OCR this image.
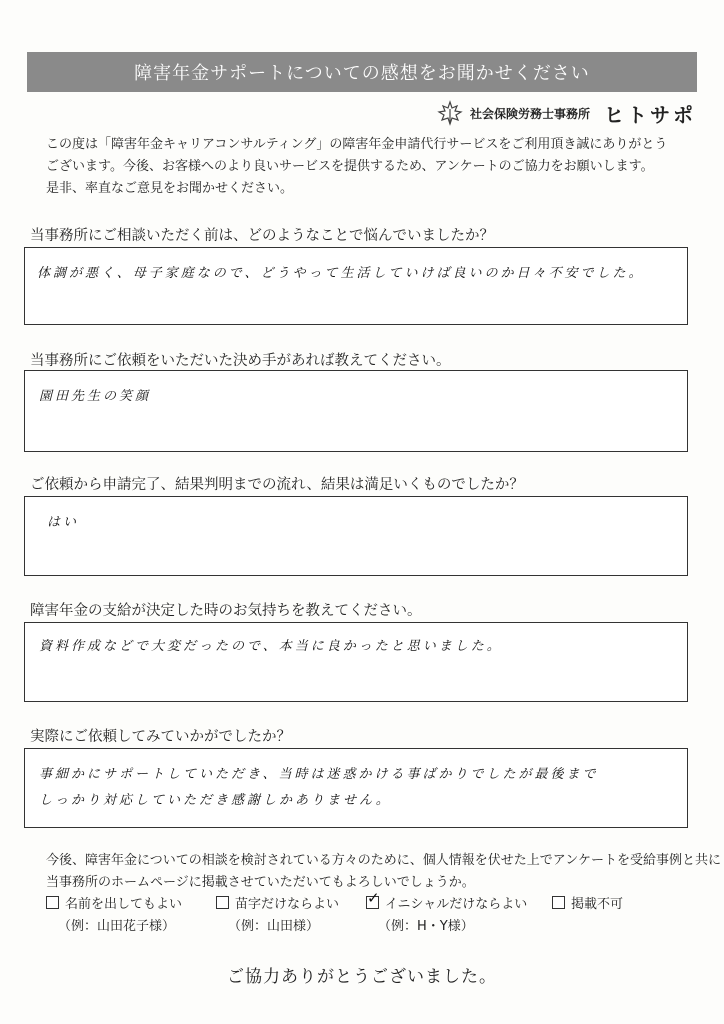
障害年金サポートについての感想をお聞かせください
社会保険労務士事務所 ヒトサポ

この度は「障害年金キャリアコンサルティング」の障害年金申請代行サービスをご利用頂き誠にありがとう

ございます。今後、お客様へのより良いサービスを提供するため、アンケートのご協力をお願いします。

是非、率直なご意見をお聞かせください。

当事務所にご相談いただく前は、どのようなことで悩んでいましたか？
体調が悪く、母子家庭なので、どうやって生活していけば良いのか日々不安でした。
当事務所にご依頼をいただいた決め手があれば教えてください。
園田先生の笑顔
ご依頼から申請完了、結果判明までの流れ、結果は満足いくものでしたか？
はい
障害年金の支給が決定した時のお気持ちを教えてください。
資料作成などで大変だったので、本当に良かったと思いました。
実際にご依頼してみていかがでしたか？
事細かにサポートしていただき、当時は迷惑かける事ばかりでしたが最後まで
しっかり対応していただき感謝しかありません。

今後、障害年金についての相談を検討されている方々のために、個人情報を伏せた上でアンケートを受給事例と共に

当事務所のホームページに掲載させていただいてもよろしいでしょうか。

名前を出してもよい
（例：山田花子様）
苗字だけならよい
（例：山田様）
✓ イニシャルだけならよい
（例：H・Y様）
掲載不可
ご協力ありがとうございました。
